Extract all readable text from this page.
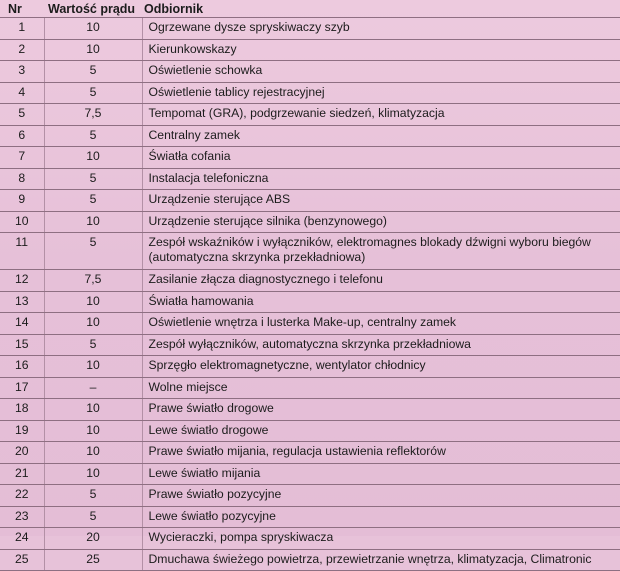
Nr	Wartość prądu	Odbiornik
1	10	Ogrzewane dysze spryskiwaczy szyb
2	10	Kierunkowskazy
3	5	Oświetlenie schowka
4	5	Oświetlenie tablicy rejestracyjnej
5	7,5	Tempomat (GRA), podgrzewanie siedzeń, klimatyzacja
6	5	Centralny zamek
7	10	Światła cofania
8	5	Instalacja telefoniczna
9	5	Urządzenie sterujące ABS
10	10	Urządzenie sterujące silnika (benzynowego)
11	5	Zespół wskaźników i wyłączników, elektromagnes blokady dźwigni wyboru biegów (automatyczna skrzynka przekładniowa)
12	7,5	Zasilanie złącza diagnostycznego i telefonu
13	10	Światła hamowania
14	10	Oświetlenie wnętrza i lusterka Make-up, centralny zamek
15	5	Zespół wyłączników, automatyczna skrzynka przekładniowa
16	10	Sprzęgło elektromagnetyczne, wentylator chłodnicy
17	–	Wolne miejsce
18	10	Prawe światło drogowe
19	10	Lewe światło drogowe
20	10	Prawe światło mijania, regulacja ustawienia reflektorów
21	10	Lewe światło mijania
22	5	Prawe światło pozycyjne
23	5	Lewe światło pozycyjne
24	20	Wycieraczki, pompa spryskiwacza
25	25	Dmuchawa świeżego powietrza, przewietrzanie wnętrza, klimatyzacja, Climatronic
